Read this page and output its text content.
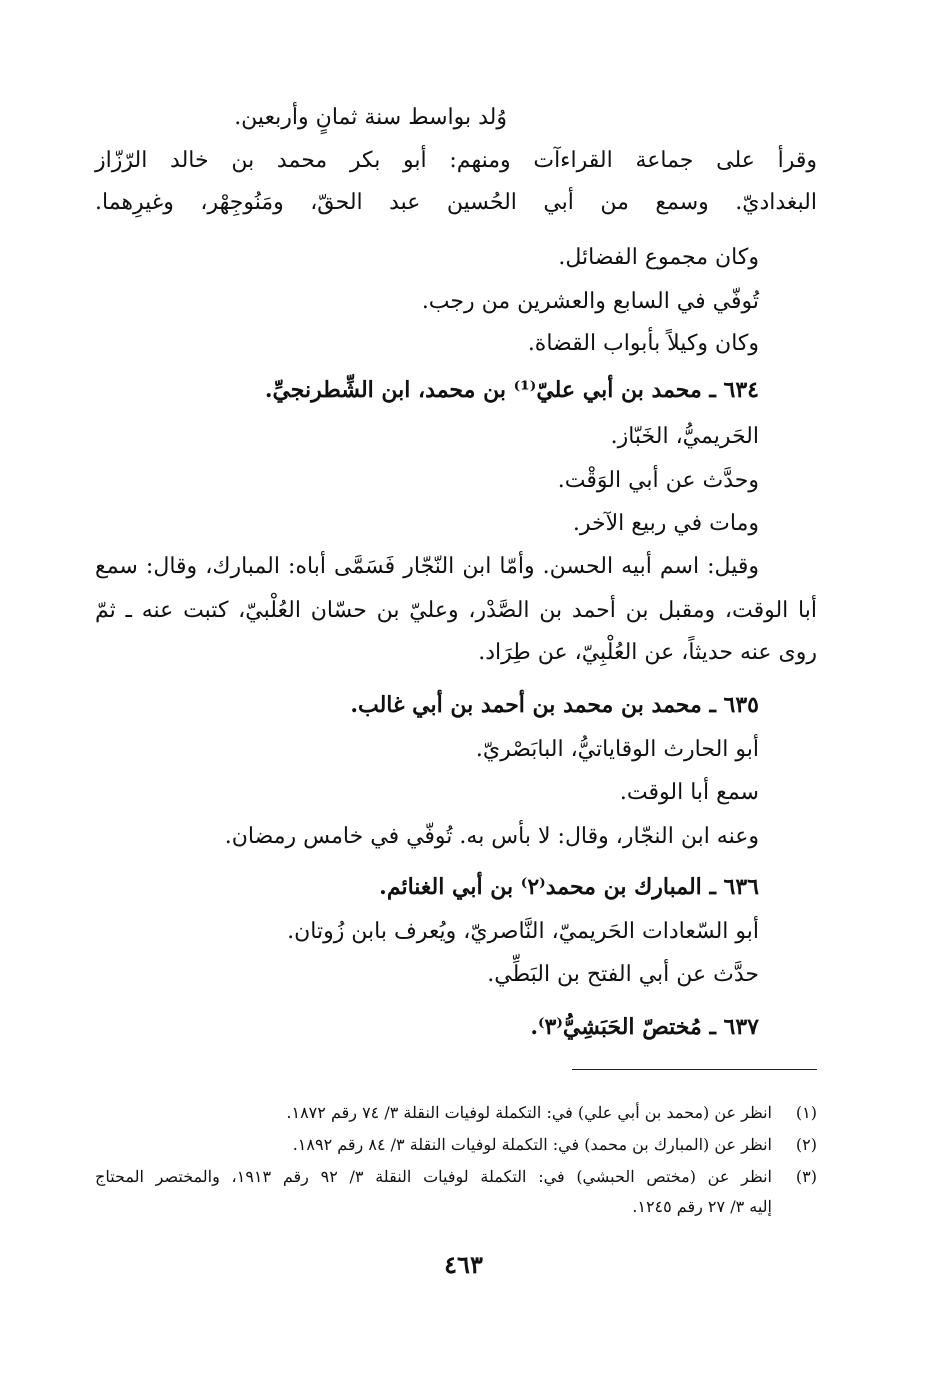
وُلد بواسط سنة ثمانٍ وأربعين.
وقرأ على جماعة القراءآت ومنهم: أبو بكر محمد بن خالد الرّزّاز
البغداديّ. وسمع من أبي الحُسين عبد الحقّ، ومَنُوجِهْر، وغيرِهما.
وكان مجموع الفضائل.
تُوفّي في السابع والعشرين من رجب.
وكان وكيلاً بأبواب القضاة.
٦٣٤ ـ محمد بن أبي عليّ⁽¹⁾ بن محمد، ابن الشِّطرنجيِّ.
الحَريميُّ، الخَبّاز.
وحدَّث عن أبي الوَقْت.
ومات في ربيع الآخر.
وقيل: اسم أبيه الحسن. وأمّا ابن النّجّار فَسَمَّى أباه: المبارك، وقال: سمع
أبا الوقت، ومقبل بن أحمد بن الصَّدْر، وعليّ بن حسّان العُلْبيّ، كتبت عنه ـ ثمّ
روى عنه حديثاً، عن العُلْبِيّ، عن طِرَاد.
٦٣٥ ـ محمد بن محمد بن أحمد بن أبي غالب.
أبو الحارث الوقاياتيُّ، البابَصْريّ.
سمع أبا الوقت.
وعنه ابن النجّار، وقال: لا بأس به. تُوفّي في خامس رمضان.
٦٣٦ ـ المبارك بن محمد⁽٢⁾ بن أبي الغنائم.
أبو السّعادات الحَريميّ، النَّاصريّ، ويُعرف بابن زُوتان.
حدَّث عن أبي الفتح بن البَطِّي.
٦٣٧ ـ مُختصّ الحَبَشِيُّ⁽٣⁾.
(١)
انظر عن (محمد بن أبي علي) في: التكملة لوفيات النقلة ٣/ ٧٤ رقم ١٨٧٢.
(٢)
انظر عن (المبارك بن محمد) في: التكملة لوفيات النقلة ٣/ ٨٤ رقم ١٨٩٢.
(٣)
انظر عن (مختص الحبشي) في: التكملة لوفيات النقلة ٣/ ٩٢ رقم ١٩١٣، والمختصر المحتاج
إليه ٣/ ٢٧ رقم ١٢٤٥.
٤٦٣
